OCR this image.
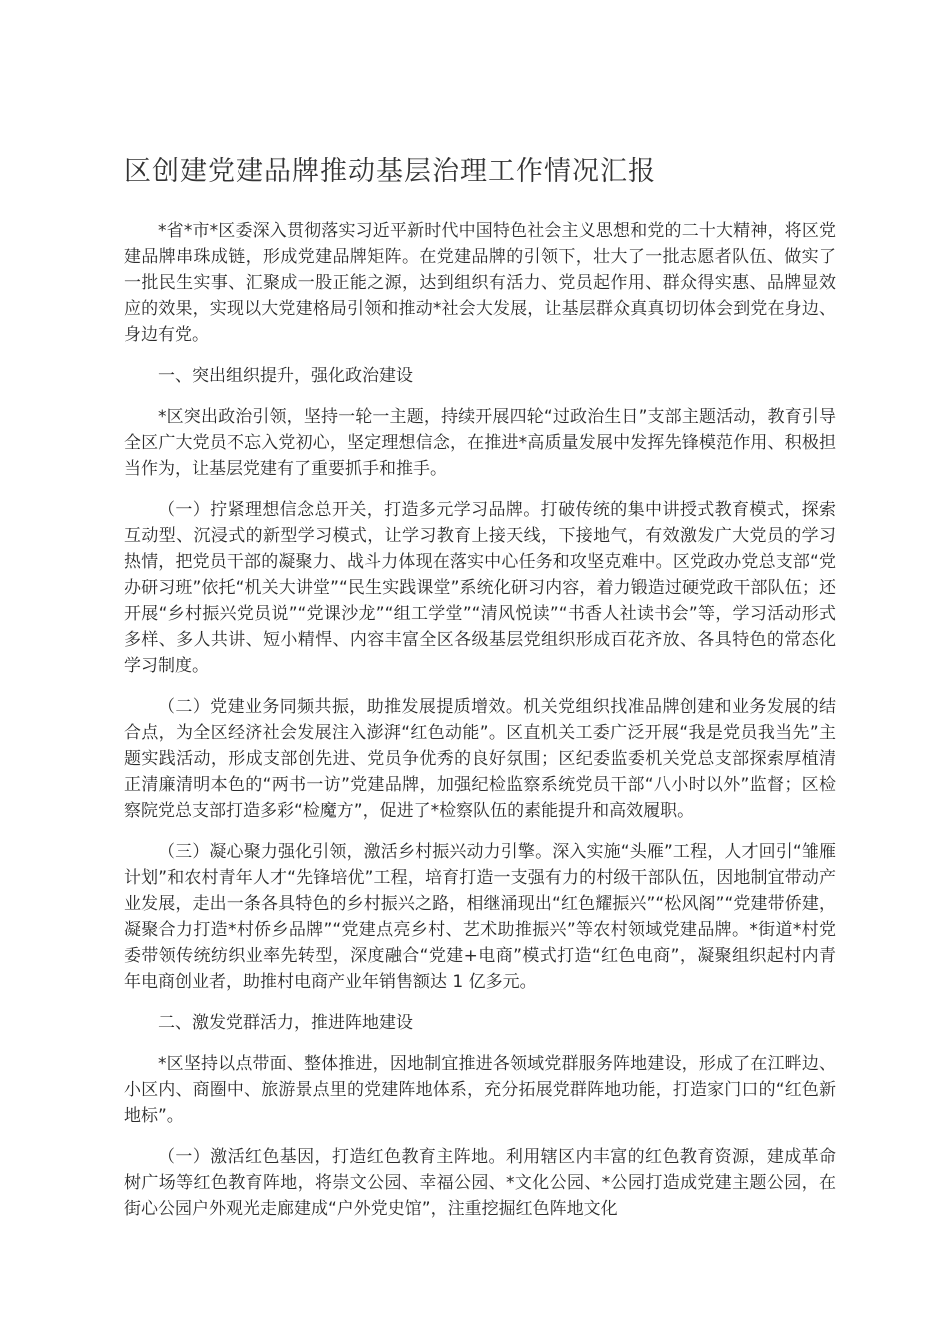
区创建党建品牌推动基层治理工作情况汇报

*省*市*区委深入贯彻落实习近平新时代中国特色社会主义思想和党的二十大精神，将区党建品牌串珠成链，形成党建品牌矩阵。在党建品牌的引领下，壮大了一批志愿者队伍、做实了一批民生实事、汇聚成一股正能之源，达到组织有活力、党员起作用、群众得实惠、品牌显效应的效果，实现以大党建格局引领和推动*社会大发展，让基层群众真真切切体会到党在身边、身边有党。

一、突出组织提升，强化政治建设

*区突出政治引领，坚持一轮一主题，持续开展四轮“过政治生日”支部主题活动，教育引导全区广大党员不忘入党初心，坚定理想信念，在推进*高质量发展中发挥先锋模范作用、积极担当作为，让基层党建有了重要抓手和推手。

（一）拧紧理想信念总开关，打造多元学习品牌。打破传统的集中讲授式教育模式，探索互动型、沉浸式的新型学习模式，让学习教育上接天线，下接地气，有效激发广大党员的学习热情，把党员干部的凝聚力、战斗力体现在落实中心任务和攻坚克难中。区党政办党总支部“党办研习班”依托“机关大讲堂”“民生实践课堂”系统化研习内容，着力锻造过硬党政干部队伍；还开展“乡村振兴党员说”“党课沙龙”“组工学堂”“清风悦读”“书香人社读书会”等，学习活动形式多样、多人共讲、短小精悍、内容丰富全区各级基层党组织形成百花齐放、各具特色的常态化学习制度。

（二）党建业务同频共振，助推发展提质增效。机关党组织找准品牌创建和业务发展的结合点，为全区经济社会发展注入澎湃“红色动能”。区直机关工委广泛开展“我是党员我当先”主题实践活动，形成支部创先进、党员争优秀的良好氛围；区纪委监委机关党总支部探索厚植清正清廉清明本色的“两书一访”党建品牌，加强纪检监察系统党员干部“八小时以外”监督；区检察院党总支部打造多彩“检魔方”，促进了*检察队伍的素能提升和高效履职。

（三）凝心聚力强化引领，激活乡村振兴动力引擎。深入实施“头雁”工程，人才回引“雏雁计划”和农村青年人才“先锋培优”工程，培育打造一支强有力的村级干部队伍，因地制宜带动产业发展，走出一条各具特色的乡村振兴之路，相继涌现出“红色耀振兴”“松风阁”“党建带侨建，凝聚合力打造*村侨乡品牌”“党建点亮乡村、艺术助推振兴”等农村领域党建品牌。*街道*村党委带领传统纺织业率先转型，深度融合“党建+电商”模式打造“红色电商”，凝聚组织起村内青年电商创业者，助推村电商产业年销售额达 1 亿多元。

二、激发党群活力，推进阵地建设

*区坚持以点带面、整体推进，因地制宜推进各领域党群服务阵地建设，形成了在江畔边、小区内、商圈中、旅游景点里的党建阵地体系，充分拓展党群阵地功能，打造家门口的“红色新地标”。

（一）激活红色基因，打造红色教育主阵地。利用辖区内丰富的红色教育资源，建成革命树广场等红色教育阵地，将崇文公园、幸福公园、*文化公园、*公园打造成党建主题公园，在街心公园户外观光走廊建成“户外党史馆”，注重挖掘红色阵地文化
